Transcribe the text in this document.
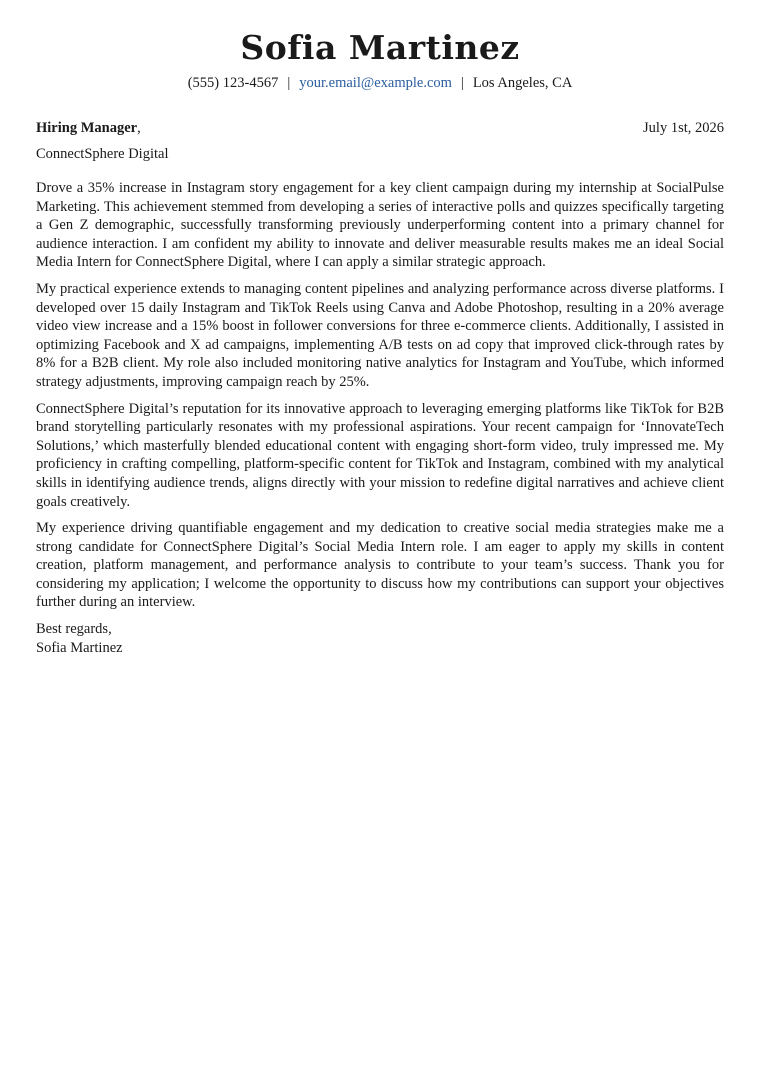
Sofia Martinez
(555) 123-4567 | your.email@example.com | Los Angeles, CA
Hiring Manager,	July 1st, 2026
ConnectSphere Digital

Drove a 35% increase in Instagram story engagement for a key client campaign during my internship at SocialPulse Marketing. This achievement stemmed from developing a series of interactive polls and quizzes specifically targeting a Gen Z demographic, successfully transforming previously underperforming content into a primary channel for audience interaction. I am confident my ability to innovate and deliver measurable results makes me an ideal Social Media Intern for ConnectSphere Digital, where I can apply a similar strategic approach.

My practical experience extends to managing content pipelines and analyzing performance across diverse platforms. I developed over 15 daily Instagram and TikTok Reels using Canva and Adobe Photoshop, resulting in a 20% average video view increase and a 15% boost in follower conversions for three e-commerce clients. Additionally, I assisted in optimizing Facebook and X ad campaigns, implementing A/B tests on ad copy that improved click-through rates by 8% for a B2B client. My role also included monitoring native analytics for Instagram and YouTube, which informed strategy adjustments, improving campaign reach by 25%.

ConnectSphere Digital’s reputation for its innovative approach to leveraging emerging platforms like TikTok for B2B brand storytelling particularly resonates with my professional aspirations. Your recent campaign for ‘InnovateTech Solutions,’ which masterfully blended educational content with engaging short-form video, truly impressed me. My proficiency in crafting compelling, platform-specific content for TikTok and Instagram, combined with my analytical skills in identifying audience trends, aligns directly with your mission to redefine digital narratives and achieve client goals creatively.

My experience driving quantifiable engagement and my dedication to creative social media strategies make me a strong candidate for ConnectSphere Digital’s Social Media Intern role. I am eager to apply my skills in content creation, platform management, and performance analysis to contribute to your team’s success. Thank you for considering my application; I welcome the opportunity to discuss how my contributions can support your objectives further during an interview.

Best regards,
Sofia Martinez
